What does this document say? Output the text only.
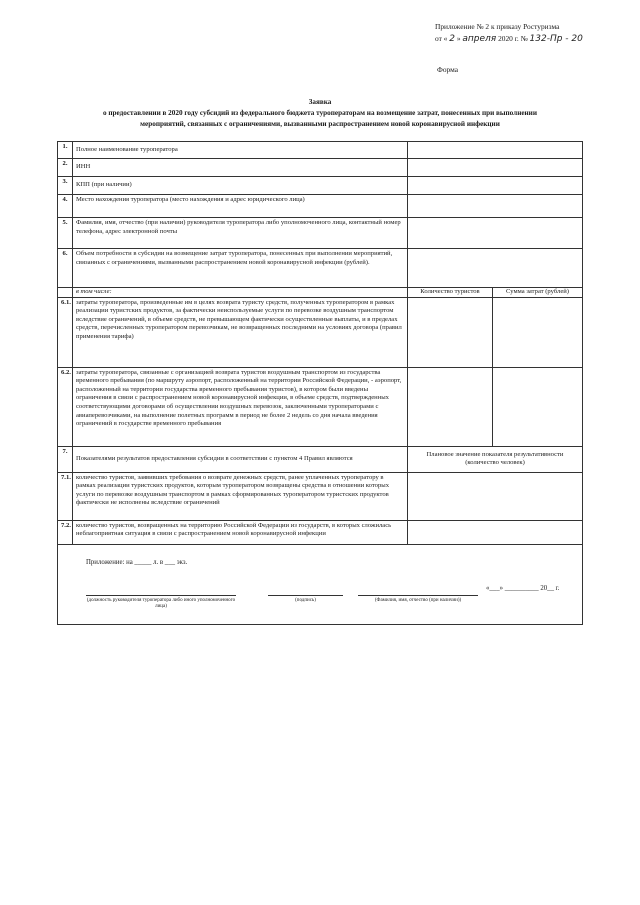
Приложение № 2 к приказу Ростуризма
от « 2 » апреля 2020 г. № 132-Пр - 20
Форма
Заявка
о предоставлении в 2020 году субсидий из федерального бюджета туроператорам на возмещение затрат, понесенных при выполнении
мероприятий, связанных с ограничениями, вызванными распространением новой коронавирусной инфекции
1.	Полное наименование туроператора		
2.	ИНН		
3.	КПП (при наличии)		
4.	Место нахождения туроператора (место нахождения и адрес юридического лица)		
5.	Фамилия, имя, отчество (при наличии) руководителя туроператора либо уполномоченного лица, контактный номер телефона, адрес электронной почты		
6.	Объем потребности в субсидии на возмещение затрат туроператора, понесенных при выполнении мероприятий, связанных с ограничениями, вызванными распространением новой коронавирусной инфекции (рублей).		
	в том числе:	Количество туристов	Сумма затрат (рублей)
6.1.	затраты туроператора, произведенные им в целях возврата туристу средств, полученных туроператором в рамках реализации туристских продуктов, за фактически неиспользуемые услуги по перевозке воздушным транспортом вследствие ограничений, в объеме средств, не превышающем фактически осуществленные выплаты, и в пределах средств, перечисленных туроператором перевозчикам, не возвращенных последними на условиях договора (правил применения тарифа)		
6.2.	затраты туроператора, связанные с организацией возврата туристов воздушным транспортом из государства временного пребывания (по маршруту аэропорт, расположенный на территории Российской Федерации, - аэропорт, расположенный на территории государства временного пребывания туристов), в котором были введены ограничения в связи с распространением новой коронавирусной инфекции, в объеме средств, подтвержденных соответствующими договорами об осуществлении воздушных перевозок, заключенными туроператорами с авиаперевозчиками, на выполнение полетных программ в период не более 2 недель со дня начала введения ограничений в государстве временного пребывания		
7.	Показателями результатов предоставления субсидии в соответствии с пунктом 4 Правил являются	Плановое значение показателя результативности (количество человек)	
7.1.	количество туристов, заявивших требования о возврате денежных средств, ранее уплаченных туроператору в рамках реализации туристских продуктов, которым туроператором возвращены средства в отношении которых услуги по перевозке воздушным транспортом в рамках сформированных туроператором туристских продуктов фактически не исполнены вследствие ограничений		
7.2.	количество туристов, возвращенных на территорию Российской Федерации из государств, в которых сложилась неблагоприятная ситуация в связи с распространением новой коронавирусной инфекции		

Приложение: на _____ л. в ___ экз.
«___» __________ 20__ г.
(должность руководителя туроператора либо иного уполномоченного лица)
(подпись) (Фамилия, имя, отчество (при наличии))			
